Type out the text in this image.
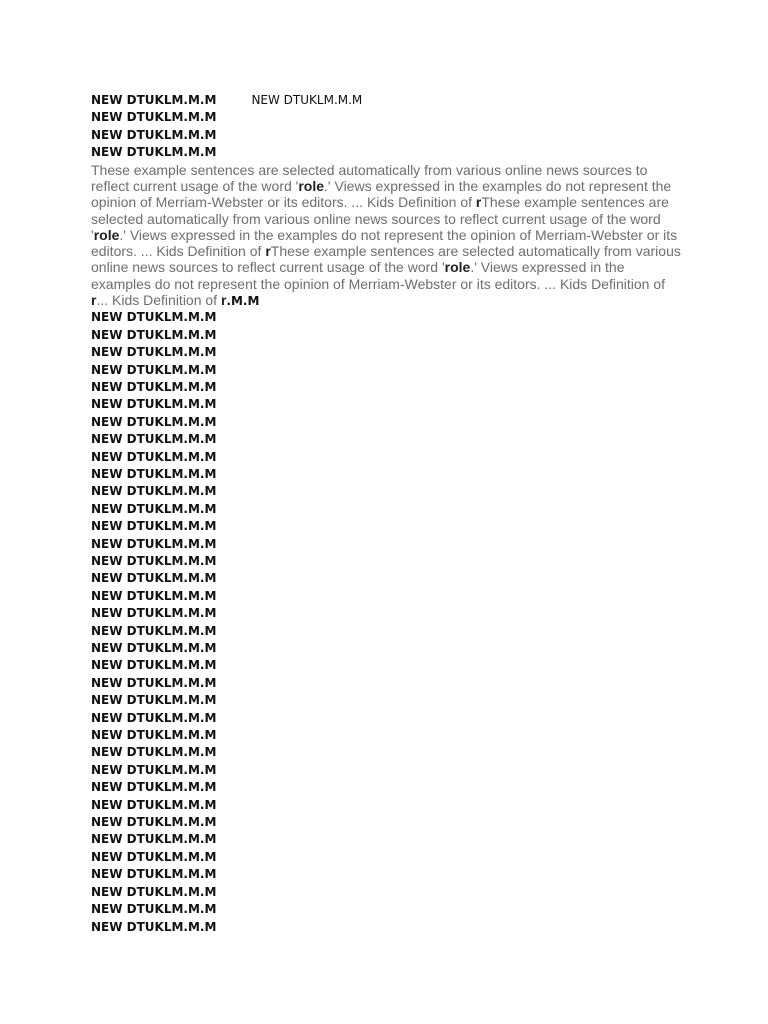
NEW DTUKLM.M.M	NEW DTUKLM.M.M
NEW DTUKLM.M.M
NEW DTUKLM.M.M
NEW DTUKLM.M.M

These example sentences are selected automatically from various online news sources to reflect current usage of the word 'role.' Views expressed in the examples do not represent the opinion of Merriam-Webster or its editors. ... Kids Definition of rThese example sentences are selected automatically from various online news sources to reflect current usage of the word 'role.' Views expressed in the examples do not represent the opinion of Merriam-Webster or its editors. ... Kids Definition of rThese example sentences are selected automatically from various online news sources to reflect current usage of the word 'role.' Views expressed in the examples do not represent the opinion of Merriam-Webster or its editors. ... Kids Definition of r... Kids Definition of r.M.M

NEW DTUKLM.M.M
NEW DTUKLM.M.M
NEW DTUKLM.M.M
NEW DTUKLM.M.M
NEW DTUKLM.M.M
NEW DTUKLM.M.M
NEW DTUKLM.M.M
NEW DTUKLM.M.M
NEW DTUKLM.M.M
NEW DTUKLM.M.M
NEW DTUKLM.M.M
NEW DTUKLM.M.M
NEW DTUKLM.M.M
NEW DTUKLM.M.M
NEW DTUKLM.M.M
NEW DTUKLM.M.M
NEW DTUKLM.M.M
NEW DTUKLM.M.M
NEW DTUKLM.M.M
NEW DTUKLM.M.M
NEW DTUKLM.M.M
NEW DTUKLM.M.M
NEW DTUKLM.M.M
NEW DTUKLM.M.M
NEW DTUKLM.M.M
NEW DTUKLM.M.M
NEW DTUKLM.M.M
NEW DTUKLM.M.M
NEW DTUKLM.M.M
NEW DTUKLM.M.M
NEW DTUKLM.M.M
NEW DTUKLM.M.M
NEW DTUKLM.M.M
NEW DTUKLM.M.M
NEW DTUKLM.M.M
NEW DTUKLM.M.M
